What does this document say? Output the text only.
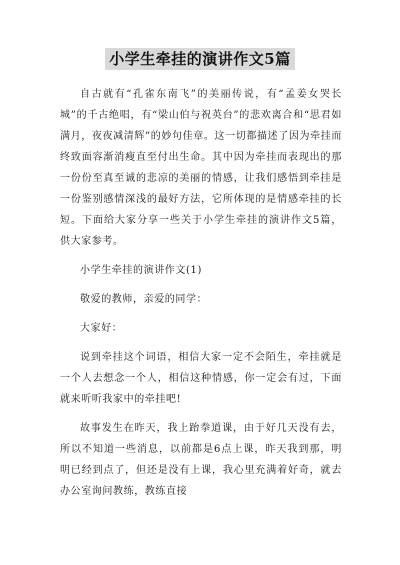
小学生牵挂的演讲作文5篇

自古就有“孔雀东南飞”的美丽传说，有“孟姜女哭长城”的千古绝唱，有“梁山伯与祝英台”的悲欢离合和“思君如满月，夜夜减清辉”的妙句佳章。这一切都描述了因为牵挂而终致面容渐消瘦直至付出生命。其中因为牵挂而表现出的那一份份至真至诚的悲凉的美丽的情感，让我们感悟到牵挂是一份鉴别感情深浅的最好方法，它所体现的是情感牵挂的长短。下面给大家分享一些关于小学生牵挂的演讲作文5篇，供大家参考。

小学生牵挂的演讲作文(1)

敬爱的教师，亲爱的同学：

大家好：

说到牵挂这个词语，相信大家一定不会陌生，牵挂就是一个人去想念一个人，相信这种情感，你一定会有过，下面就来听听我家中的牵挂吧!

故事发生在昨天，我上跆拳道课，由于好几天没有去，所以不知道一些消息，以前都是6点上课，昨天我到那，明明已经到点了，但还是没有上课，我心里充满着好奇，就去办公室询问教练，教练直接
